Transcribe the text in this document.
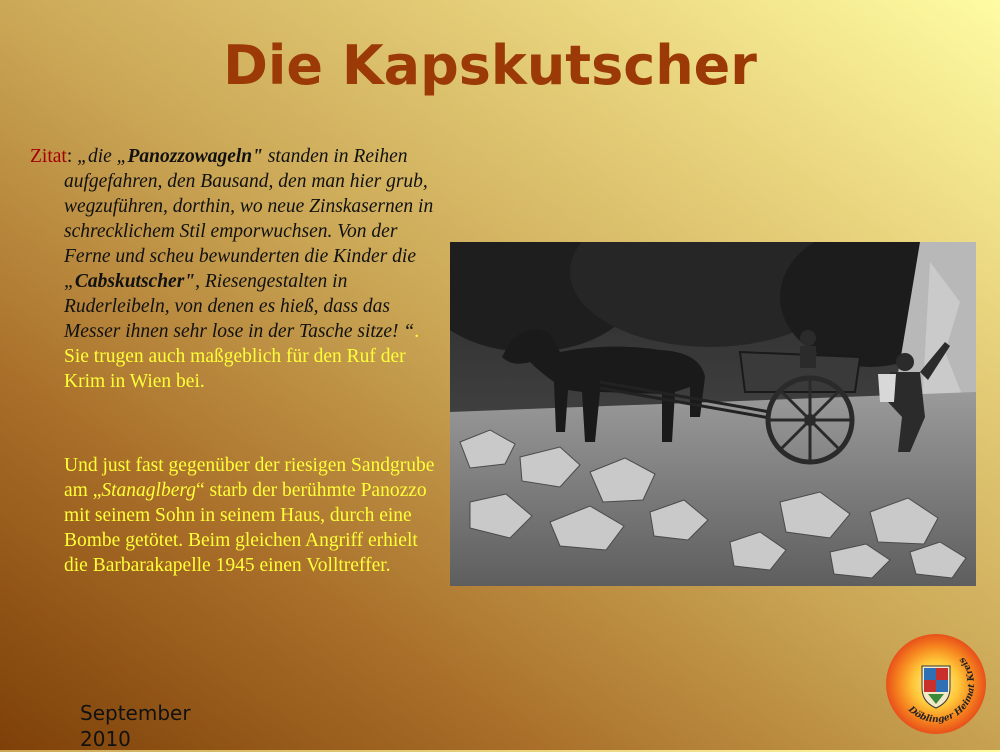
Die Kapskutscher

Zitat: „die „Panozzowageln" standen in Reihen aufgefahren, den Bausand, den man hier grub, wegzuführen, dorthin, wo neue Zinskasernen in schrecklichem Stil emporwuchsen. Von der Ferne und scheu bewunderten die Kinder die „Cabskutscher", Riesengestalten in Ruderleibeln, von denen es hieß, dass das Messer ihnen sehr lose in der Tasche sitze! “. Sie trugen auch maßgeblich für den Ruf der Krim in Wien bei.

Und just fast gegenüber der riesigen Sandgrube am „Stanaglberg“ starb der berühmte Panozzo mit seinem Sohn in seinem Haus, durch eine Bombe getötet. Beim gleichen Angriff erhielt die Barbarakapelle 1945 einen Volltreffer.

September
2010
Döblinger Heimat Kreis
